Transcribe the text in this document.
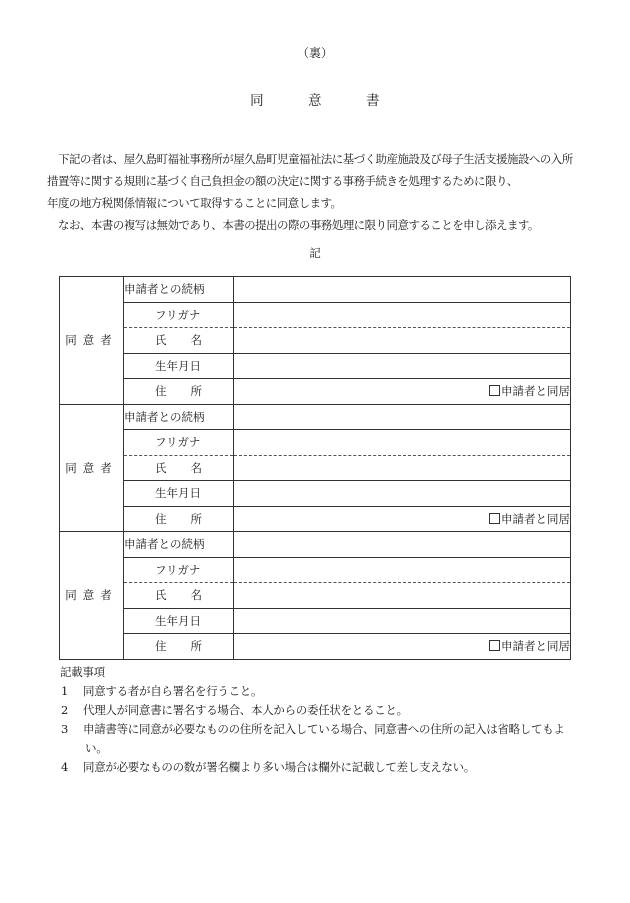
（裏）
同	意	書

下記の者は、屋久島町福祉事務所が屋久島町児童福祉法に基づく助産施設及び母子生活支援施設への入所措置等に関する規則に基づく自己負担金の額の決定に関する事務手続きを処理するために限り、年度の地方税関係情報について取得することに同意します。

なお、本書の複写は無効であり、本書の提出の際の事務処理に限り同意することを申し添えます。

記
同意者	申請者との続柄	
	フリガナ	
	氏 名	
	生年月日	
	住 所	申請者と同居
同意者	申請者との続柄	
	フリガナ	
	氏 名	
	生年月日	
	住 所	申請者と同居
同意者	申請者との続柄	
	フリガナ	
	氏 名	
	生年月日	
	住 所	申請者と同居
記載事項
1 同意する者が自ら署名を行うこと。
2 代理人が同意書に署名する場合、本人からの委任状をとること。
3 申請書等に同意が必要なものの住所を記入している場合、同意書への住所の記入は省略してもよい。
4 同意が必要なものの数が署名欄より多い場合は欄外に記載して差し支えない。
